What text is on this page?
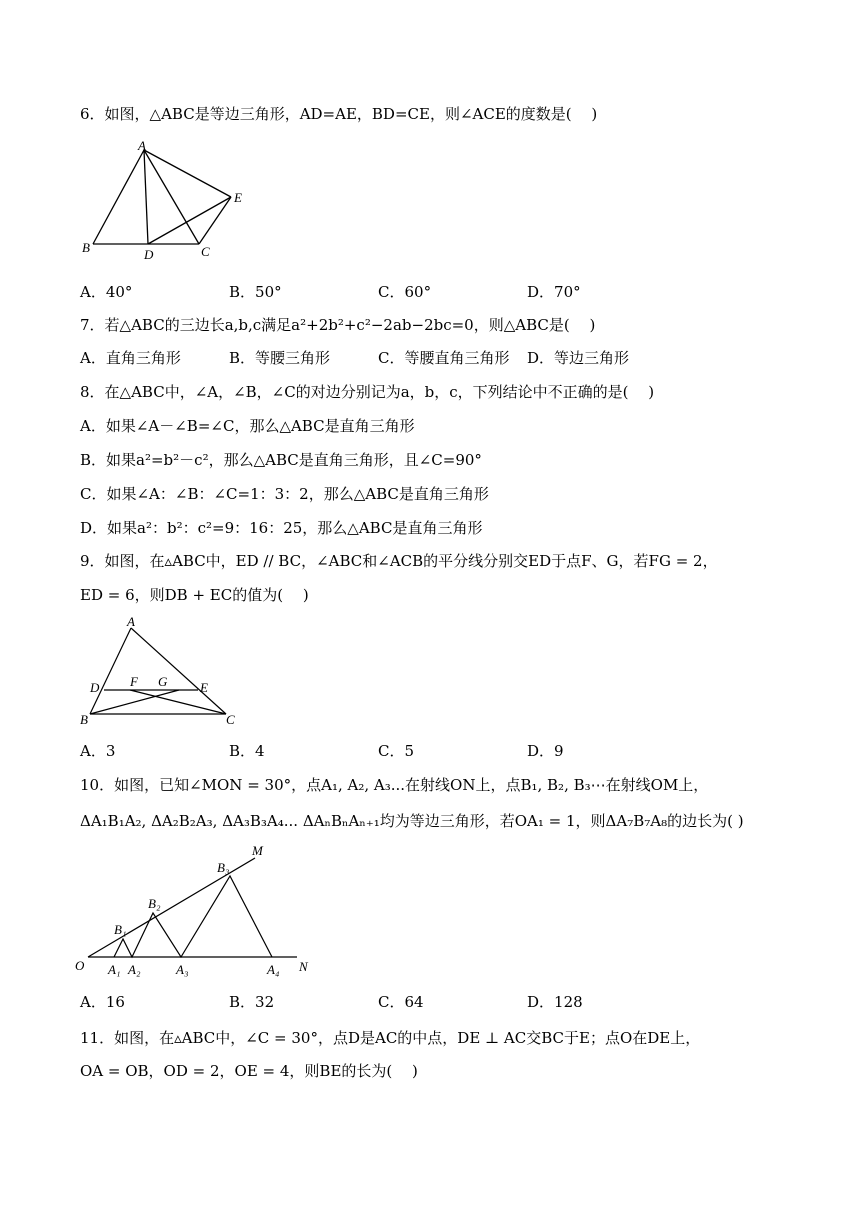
6．如图，△ABC是等边三角形，AD=AE，BD=CE，则∠ACE的度数是(　 )
A
B	C
D
E
A．40°	B．50°	C．60°	D．70°
7．若△ABC的三边长a,b,c满足a²+2b²+c²−2ab−2bc=0，则△ABC是(　 )
A．直角三角形	B．等腰三角形	C．等腰直角三角形 D．等边三角形
8．在△ABC中，∠A，∠B，∠C的对边分别记为a，b，c，下列结论中不正确的是(　 )
A．如果∠A－∠B=∠C，那么△ABC是直角三角形
B．如果a²=b²－c²，那么△ABC是直角三角形，且∠C=90°
C．如果∠A：∠B：∠C=1：3：2，那么△ABC是直角三角形
D．如果a²：b²：c²=9：16：25，那么△ABC是直角三角形
9．如图，在▵ABC中，ED // BC，∠ABC和∠ACB的平分线分别交ED于点F、G，若FG = 2，
ED = 6，则DB + EC的值为(　 )
A
B	C
D	E
F G
A．3	B．4	C．5	D．9
10．如图，已知∠MON = 30°，点A₁, A₂, A₃...在射线ON上，点B₁, B₂, B₃⋯在射线OM上，
ΔA₁B₁A₂, ΔA₂B₂A₃, ΔA₃B₃A₄... ΔAₙBₙAₙ₊₁均为等边三角形，若OA₁ = 1，则ΔA₇B₇A₈的边长为( )
O
M
N
A₁ A₂	A₃	A₄
B₁
B₂
B₃
A．16	B．32	C．64	D．128
11．如图，在▵ABC中，∠C = 30°，点D是AC的中点，DE ⊥ AC交BC于E；点O在DE上，
OA = OB，OD = 2，OE = 4，则BE的长为(　 )
